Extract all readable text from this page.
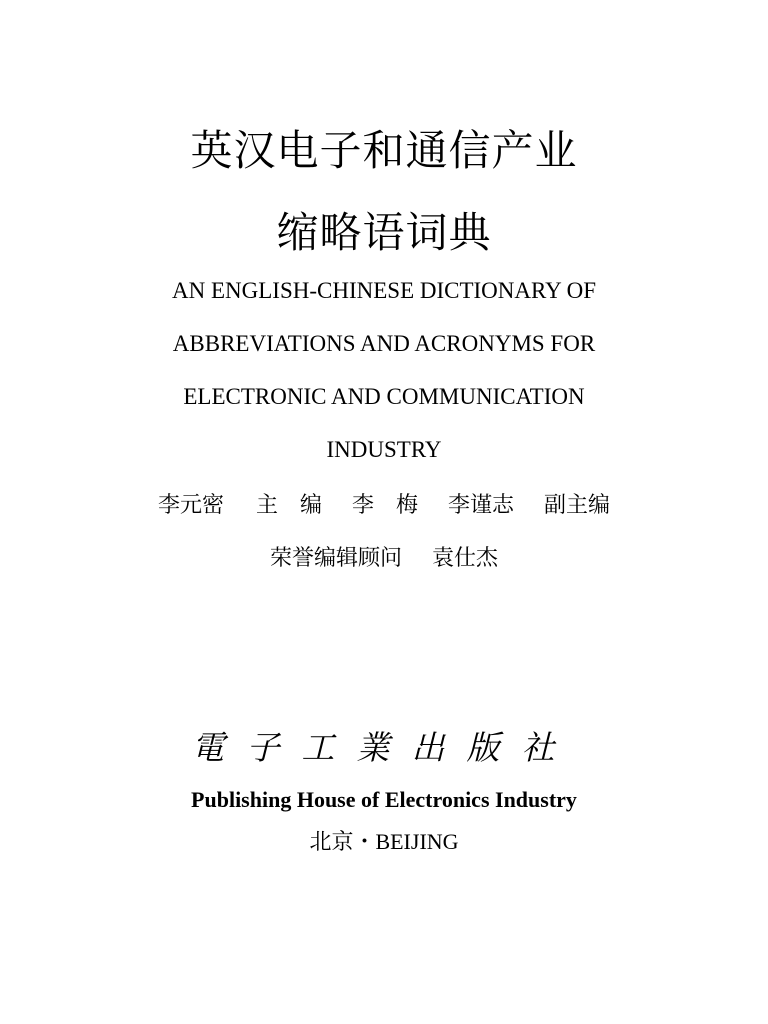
英汉电子和通信产业
缩略语词典
AN ENGLISH-CHINESE DICTIONARY OF
ABBREVIATIONS AND ACRONYMS FOR
ELECTRONIC AND COMMUNICATION
INDUSTRY
李元密 主　编 李　梅 李谨志 副主编
荣誉编辑顾问 袁仕杰
電子工業出版社
Publishing House of Electronics Industry
北京・BEIJING
